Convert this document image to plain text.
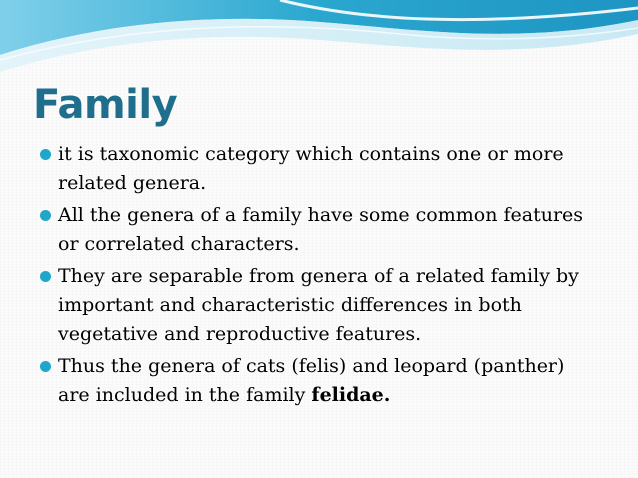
Family
it is taxonomic category which contains one or more related genera.
All the genera of a family have some common features or correlated characters.
They are separable from genera of a related family by important and characteristic differences in both vegetative and reproductive features.
Thus the genera of cats (felis) and leopard (panther) are included in the family felidae.
